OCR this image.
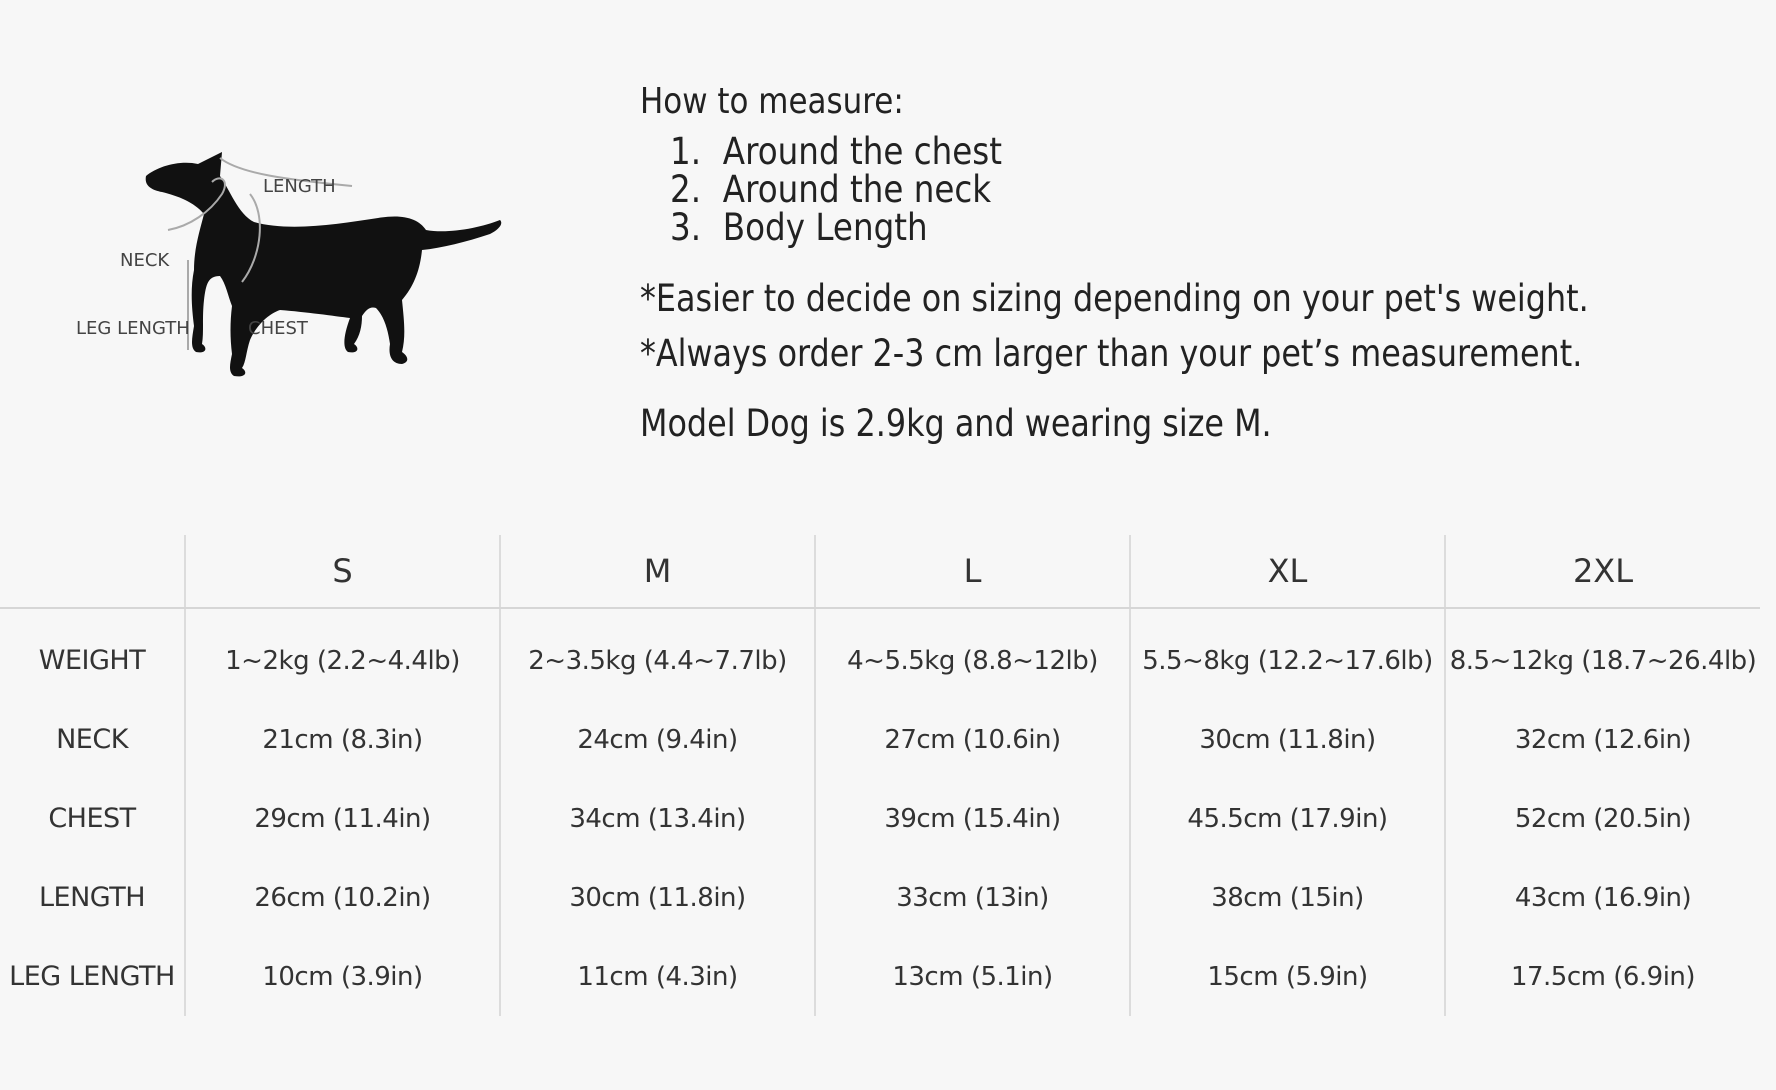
LENGTH
NECK
LEG LENGTH	CHEST

How to measure:

1. Around the chest
2. Around the neck
3. Body Length

*Easier to decide on sizing depending on your pet's weight.

*Always order 2-3 cm larger than your pet’s measurement.

Model Dog is 2.9kg and wearing size M.

	S	M	L	XL	2XL
WEIGHT	1~2kg (2.2~4.4lb)	2~3.5kg (4.4~7.7lb)	4~5.5kg (8.8~12lb)	5.5~8kg (12.2~17.6lb)	8.5~12kg (18.7~26.4lb)
NECK	21cm (8.3in)	24cm (9.4in)	27cm (10.6in)	30cm (11.8in)	32cm (12.6in)
CHEST	29cm (11.4in)	34cm (13.4in)	39cm (15.4in)	45.5cm (17.9in)	52cm (20.5in)
LENGTH	26cm (10.2in)	30cm (11.8in)	33cm (13in)	38cm (15in)	43cm (16.9in)
LEG LENGTH	10cm (3.9in)	11cm (4.3in)	13cm (5.1in)	15cm (5.9in)	17.5cm (6.9in)
